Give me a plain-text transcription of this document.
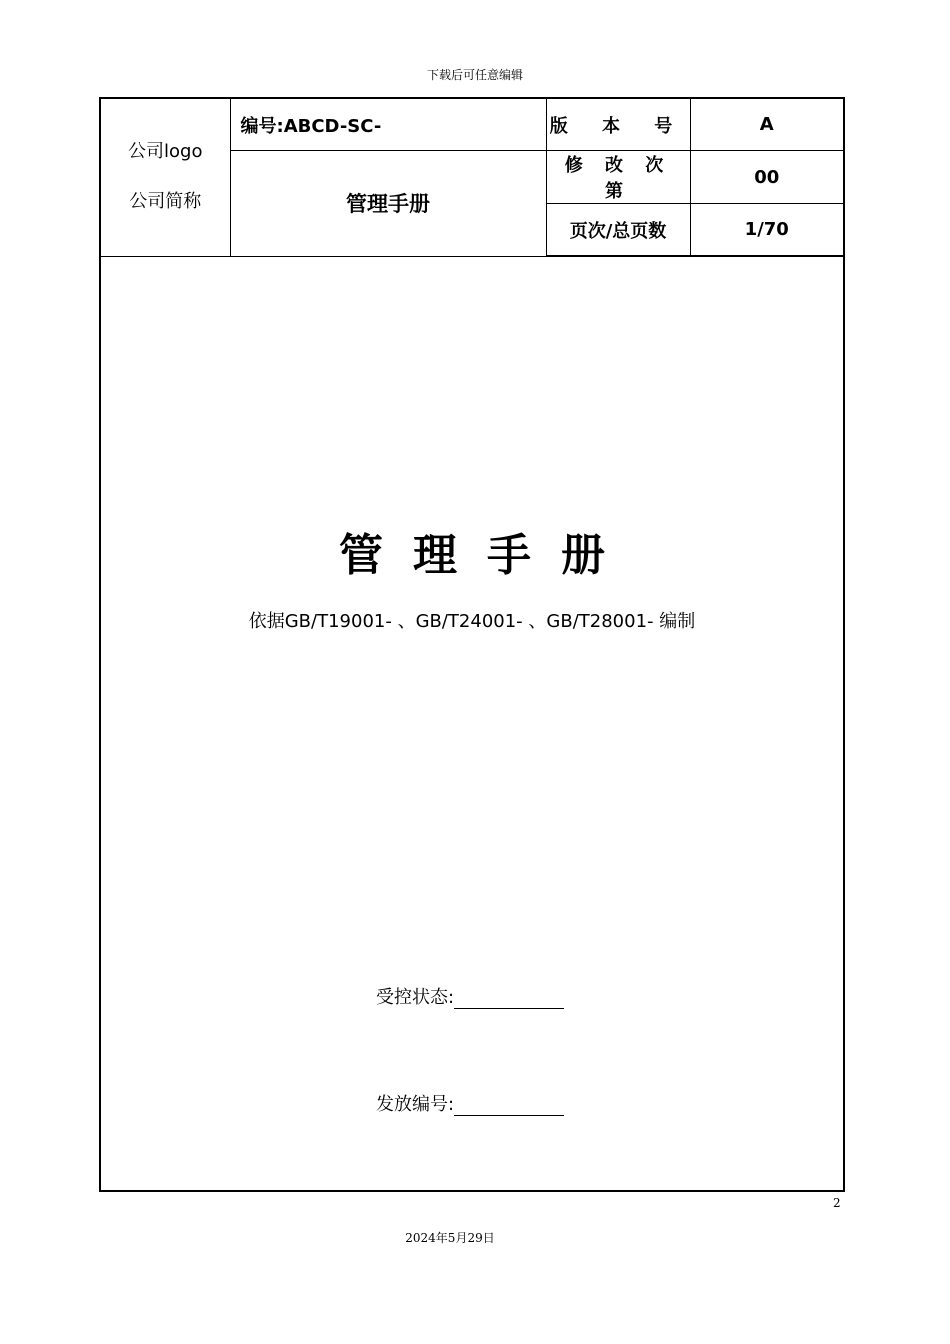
下载后可任意编辑
公司logo
公司简称	编号:ABCD-SC-	版 本 号	A
	管理手册	修 改 次 第	00
		页次/总页数	1/70
管理手册
依据GB/T19001- 、GB/T24001- 、GB/T28001- 编制
受控状态:
发放编号:
2
2024年5月29日
